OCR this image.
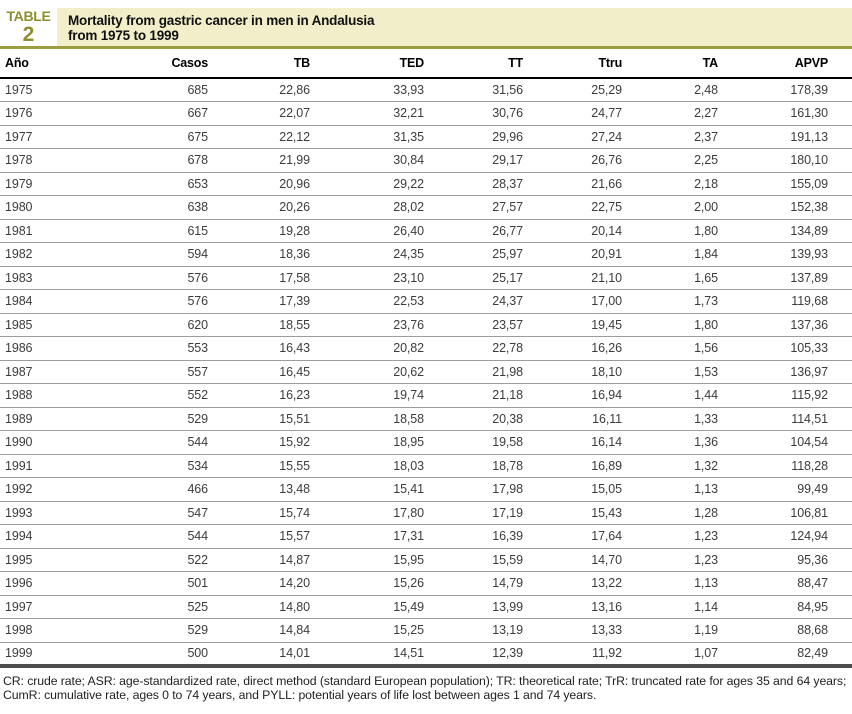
TABLE
2
Mortality from gastric cancer in men in Andalusia
from 1975 to 1999
Año	Casos	TB	TED	TT	Ttru	TA	APVP
1975	685	22,86	33,93	31,56	25,29	2,48	178,39
1976	667	22,07	32,21	30,76	24,77	2,27	161,30
1977	675	22,12	31,35	29,96	27,24	2,37	191,13
1978	678	21,99	30,84	29,17	26,76	2,25	180,10
1979	653	20,96	29,22	28,37	21,66	2,18	155,09
1980	638	20,26	28,02	27,57	22,75	2,00	152,38
1981	615	19,28	26,40	26,77	20,14	1,80	134,89
1982	594	18,36	24,35	25,97	20,91	1,84	139,93
1983	576	17,58	23,10	25,17	21,10	1,65	137,89
1984	576	17,39	22,53	24,37	17,00	1,73	119,68
1985	620	18,55	23,76	23,57	19,45	1,80	137,36
1986	553	16,43	20,82	22,78	16,26	1,56	105,33
1987	557	16,45	20,62	21,98	18,10	1,53	136,97
1988	552	16,23	19,74	21,18	16,94	1,44	115,92
1989	529	15,51	18,58	20,38	16,11	1,33	114,51
1990	544	15,92	18,95	19,58	16,14	1,36	104,54
1991	534	15,55	18,03	18,78	16,89	1,32	118,28
1992	466	13,48	15,41	17,98	15,05	1,13	99,49
1993	547	15,74	17,80	17,19	15,43	1,28	106,81
1994	544	15,57	17,31	16,39	17,64	1,23	124,94
1995	522	14,87	15,95	15,59	14,70	1,23	95,36
1996	501	14,20	15,26	14,79	13,22	1,13	88,47
1997	525	14,80	15,49	13,99	13,16	1,14	84,95
1998	529	14,84	15,25	13,19	13,33	1,19	88,68
1999	500	14,01	14,51	12,39	11,92	1,07	82,49
CR: crude rate; ASR: age-standardized rate, direct method (standard European population); TR: theoretical rate; TrR: truncated rate for ages 35 and 64 years; CumR: cumulative rate, ages 0 to 74 years, and PYLL: potential years of life lost between ages 1 and 74 years.
